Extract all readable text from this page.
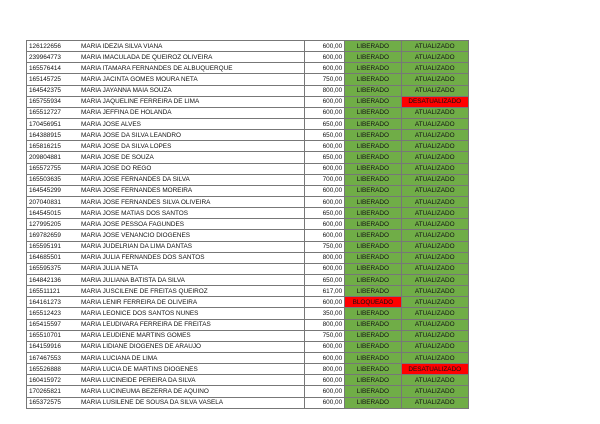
126122656 MARIA IDEZIA SILVA VIANA	600,00	LIBERADO	ATUALIZADO
239964773 MARIA IMACULADA DE QUEIROZ OLIVEIRA	600,00	LIBERADO	ATUALIZADO
165576414 MARIA ITAMARA FERNANDES DE ALBUQUERQUE	600,00	LIBERADO	ATUALIZADO
165145725 MARIA JACINTA GOMES MOURA NETA	750,00	LIBERADO	ATUALIZADO
164542375 MARIA JAYANNA MAIA SOUZA	800,00	LIBERADO	ATUALIZADO
165755934 MARIA JAQUELINE FERREIRA DE LIMA	600,00	LIBERADO	DESATUALIZADO
165512727 MARIA JEFFINA DE HOLANDA	600,00	LIBERADO	ATUALIZADO
170456951 MARIA JOSE ALVES	650,00	LIBERADO	ATUALIZADO
164388915 MARIA JOSE DA SILVA LEANDRO	650,00	LIBERADO	ATUALIZADO
165816215 MARIA JOSE DA SILVA LOPES	600,00	LIBERADO	ATUALIZADO
209804881 MARIA JOSE DE SOUZA	650,00	LIBERADO	ATUALIZADO
165572755 MARIA JOSE DO REGO	600,00	LIBERADO	ATUALIZADO
165503635 MARIA JOSE FERNANDES DA SILVA	700,00	LIBERADO	ATUALIZADO
164545299 MARIA JOSE FERNANDES MOREIRA	600,00	LIBERADO	ATUALIZADO
207040831 MARIA JOSE FERNANDES SILVA OLIVEIRA	600,00	LIBERADO	ATUALIZADO
164545015 MARIA JOSE MATIAS DOS SANTOS	650,00	LIBERADO	ATUALIZADO
127995205 MARIA JOSE PESSOA FAGUNDES	600,00	LIBERADO	ATUALIZADO
169782659 MARIA JOSE VENANCIO DIOGENES	600,00	LIBERADO	ATUALIZADO
165595191 MARIA JUDELRIAN DA LIMA DANTAS	750,00	LIBERADO	ATUALIZADO
164685501 MARIA JULIA FERNANDES DOS SANTOS	800,00	LIBERADO	ATUALIZADO
165595375 MARIA JULIA NETA	600,00	LIBERADO	ATUALIZADO
164842136 MARIA JULIANA BATISTA DA SILVA	650,00	LIBERADO	ATUALIZADO
165511121 MARIA JUSCILENE DE FREITAS QUEIROZ	617,00	LIBERADO	ATUALIZADO
164161273 MARIA LENIR FERREIRA DE OLIVEIRA	600,00	BLOQUEADO	ATUALIZADO
165512423 MARIA LEONICE DOS SANTOS NUNES	350,00	LIBERADO	ATUALIZADO
165415597 MARIA LEUDIVARA FERREIRA DE FREITAS	800,00	LIBERADO	ATUALIZADO
165510701 MARIA LEUDIENE MARTINS GOMES	750,00	LIBERADO	ATUALIZADO
164159916 MARIA LIDIANE DIOGENES DE ARAUJO	600,00	LIBERADO	ATUALIZADO
167467553 MARIA LUCIANA DE LIMA	600,00	LIBERADO	ATUALIZADO
165526888 MARIA LUCIA DE MARTINS DIOGENES	800,00	LIBERADO	DESATUALIZADO
160415972 MARIA LUCINEIDE PEREIRA DA SILVA	600,00	LIBERADO	ATUALIZADO
170265821 MARIA LUCINEUMA BEZERRA DE AQUINO	600,00	LIBERADO	ATUALIZADO
165372575 MARIA LUSILENE DE SOUSA DA SILVA VASELA	600,00	LIBERADO	ATUALIZADO
